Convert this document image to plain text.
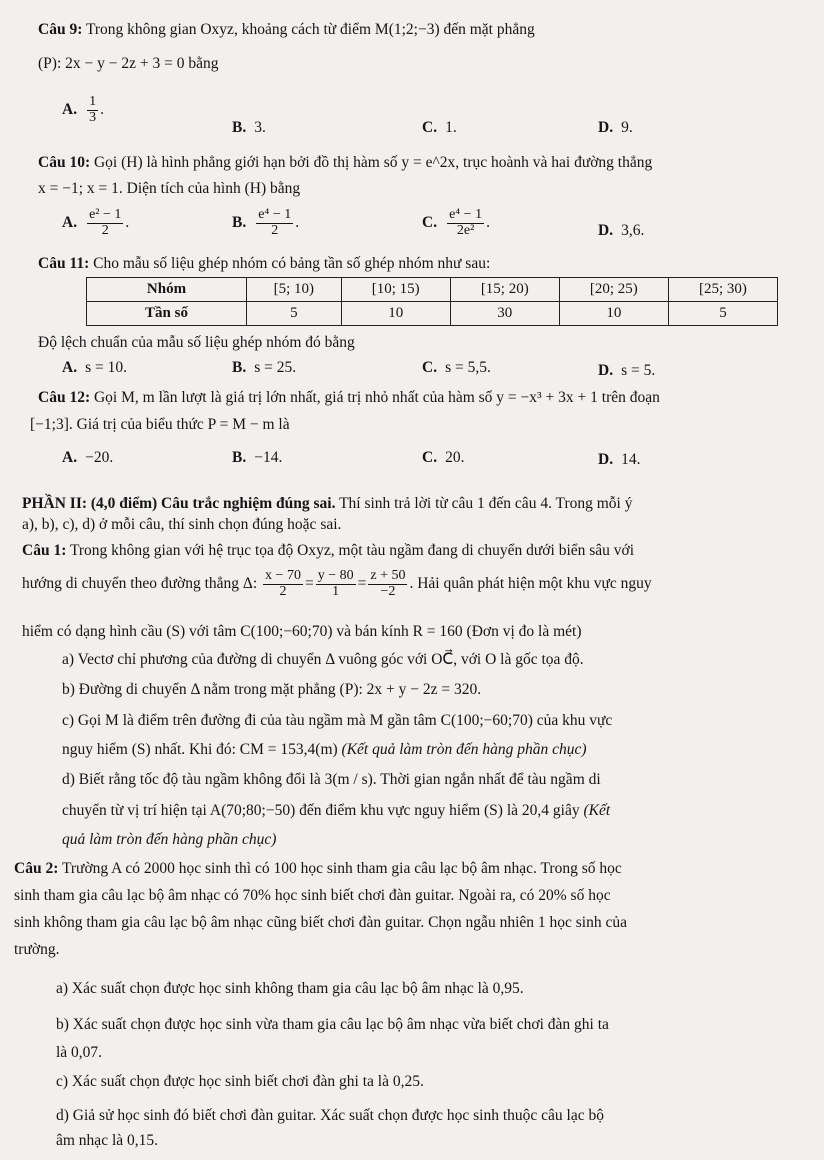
Câu 9: Trong không gian Oxyz, khoảng cách từ điểm M(1;2;−3) đến mặt phẳng
(P): 2x − y − 2z + 3 = 0 bằng
A. $\frac{1}{3}$ .
B. 3.	C. 1.	D. 9.
Câu 10: Gọi (H) là hình phẳng giới hạn bởi đồ thị hàm số y = e^2x, trục hoành và hai đường thẳng
x = −1; x = 1. Diện tích của hình (H) bằng
A. $\frac{\text{e² − 1}}{2}$ .	B. $\frac{\text{e⁴ − 1}}{2}$ .	C. $\frac{\text{e⁴ − 1}}{\text{2e²}}$ .	D. 3,6.
Câu 11: Cho mẫu số liệu ghép nhóm có bảng tần số ghép nhóm như sau:
Nhóm	[5; 10)	[10; 15)	[15; 20)	[20; 25)	[25; 30)
Tần số	5	10	30	10	5
Độ lệch chuẩn của mẫu số liệu ghép nhóm đó bằng
A. s = 10.	B. s = 25.	C. s = 5,5.	D. s = 5.
Câu 12: Gọi M, m lần lượt là giá trị lớn nhất, giá trị nhỏ nhất của hàm số y = −x³ + 3x + 1 trên đoạn
[−1;3]. Giá trị của biểu thức P = M − m là
A. −20.	B. −14.	C. 20.	D. 14.
PHẦN II: (4,0 điểm) Câu trắc nghiệm đúng sai. Thí sinh trả lời từ câu 1 đến câu 4. Trong mỗi ý
a), b), c), d) ở mỗi câu, thí sinh chọn đúng hoặc sai.
Câu 1: Trong không gian với hệ trục tọa độ Oxyz, một tàu ngầm đang di chuyển dưới biển sâu với
hướng di chuyển theo đường thẳng Δ: $\frac{x - 70}{2} = \frac{y - 80}{1} = \frac{z + 50}{-2}$ . Hải quân phát hiện một khu vực nguy
hiểm có dạng hình cầu (S) với tâm C(100;−60;70) và bán kính R = 160 (Đơn vị đo là mét)
a) Vectơ chỉ phương của đường di chuyển Δ vuông góc với OC⃗, với O là gốc tọa độ.
b) Đường di chuyển Δ nằm trong mặt phẳng (P): 2x + y − 2z = 320.
c) Gọi M là điểm trên đường đi của tàu ngầm mà M gần tâm C(100;−60;70) của khu vực
nguy hiểm (S) nhất. Khi đó: CM = 153,4(m) (Kết quả làm tròn đến hàng phần chục)
d) Biết rằng tốc độ tàu ngầm không đổi là 3(m / s). Thời gian ngắn nhất để tàu ngầm di
chuyển từ vị trí hiện tại A(70;80;−50) đến điểm khu vực nguy hiểm (S) là 20,4 giây (Kết
quả làm tròn đến hàng phần chục)
Câu 2: Trường A có 2000 học sinh thì có 100 học sinh tham gia câu lạc bộ âm nhạc. Trong số học
sinh tham gia câu lạc bộ âm nhạc có 70% học sinh biết chơi đàn guitar. Ngoài ra, có 20% số học
sinh không tham gia câu lạc bộ âm nhạc cũng biết chơi đàn guitar. Chọn ngẫu nhiên 1 học sinh của
trường.
a) Xác suất chọn được học sinh không tham gia câu lạc bộ âm nhạc là 0,95.
b) Xác suất chọn được học sinh vừa tham gia câu lạc bộ âm nhạc vừa biết chơi đàn ghi ta
là 0,07.
c) Xác suất chọn được học sinh biết chơi đàn ghi ta là 0,25.
d) Giả sử học sinh đó biết chơi đàn guitar. Xác suất chọn được học sinh thuộc câu lạc bộ
âm nhạc là 0,15.
